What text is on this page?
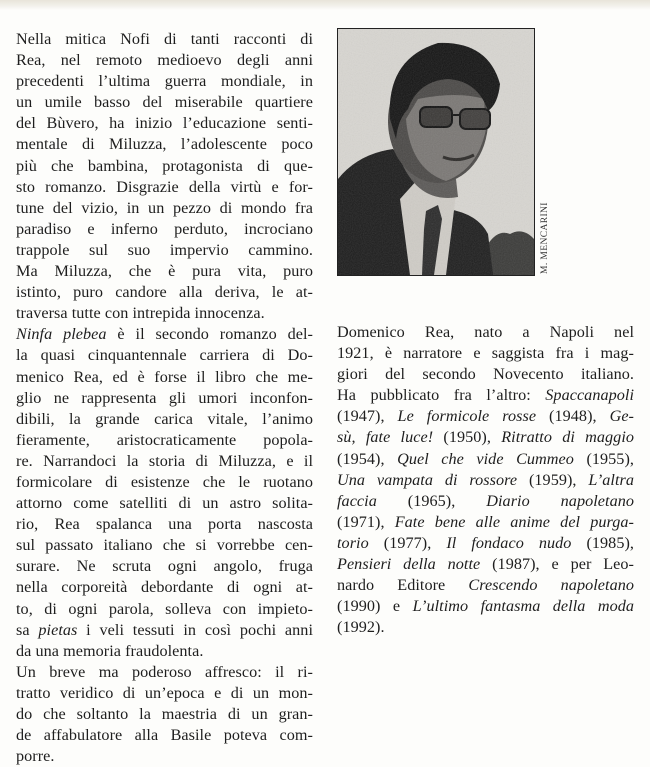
Nella mitica Nofi di tanti racconti di
Rea, nel remoto medioevo degli anni
precedenti l’ultima guerra mondiale, in
un umile basso del miserabile quartiere
del Bùvero, ha inizio l’educazione senti-
mentale di Miluzza, l’adolescente poco
più che bambina, protagonista di que-
sto romanzo. Disgrazie della virtù e for-
tune del vizio, in un pezzo di mondo fra
paradiso e inferno perduto, incrociano
trappole sul suo impervio cammino.
Ma Miluzza, che è pura vita, puro
istinto, puro candore alla deriva, le at-
traversa tutte con intrepida innocenza.

Ninfa plebea è il secondo romanzo del-
la quasi cinquantennale carriera di Do-
menico Rea, ed è forse il libro che me-
glio ne rappresenta gli umori inconfon-
dibili, la grande carica vitale, l’animo
fieramente, aristocraticamente popola-
re. Narrandoci la storia di Miluzza, e il
formicolare di esistenze che le ruotano
attorno come satelliti di un astro solita-
rio, Rea spalanca una porta nascosta
sul passato italiano che si vorrebbe cen-
surare. Ne scruta ogni angolo, fruga
nella corporeità debordante di ogni at-
to, di ogni parola, solleva con impieto-
sa pietas i veli tessuti in così pochi anni
da una memoria fraudolenta.

Un breve ma poderoso affresco: il ri-
tratto veridico di un’epoca e di un mon-
do che soltanto la maestria di un gran-
de affabulatore alla Basile poteva com-
porre.

M. MENCARINI

Domenico Rea, nato a Napoli nel
1921, è narratore e saggista fra i mag-
giori del secondo Novecento italiano.
Ha pubblicato fra l’altro: Spaccanapoli
(1947), Le formicole rosse (1948), Ge-
sù, fate luce! (1950), Ritratto di maggio
(1954), Quel che vide Cummeo (1955),
Una vampata di rossore (1959), L’altra
faccia (1965), Diario napoletano
(1971), Fate bene alle anime del purga-
torio (1977), Il fondaco nudo (1985),
Pensieri della notte (1987), e per Leo-
nardo Editore Crescendo napoletano
(1990) e L’ultimo fantasma della moda
(1992).
